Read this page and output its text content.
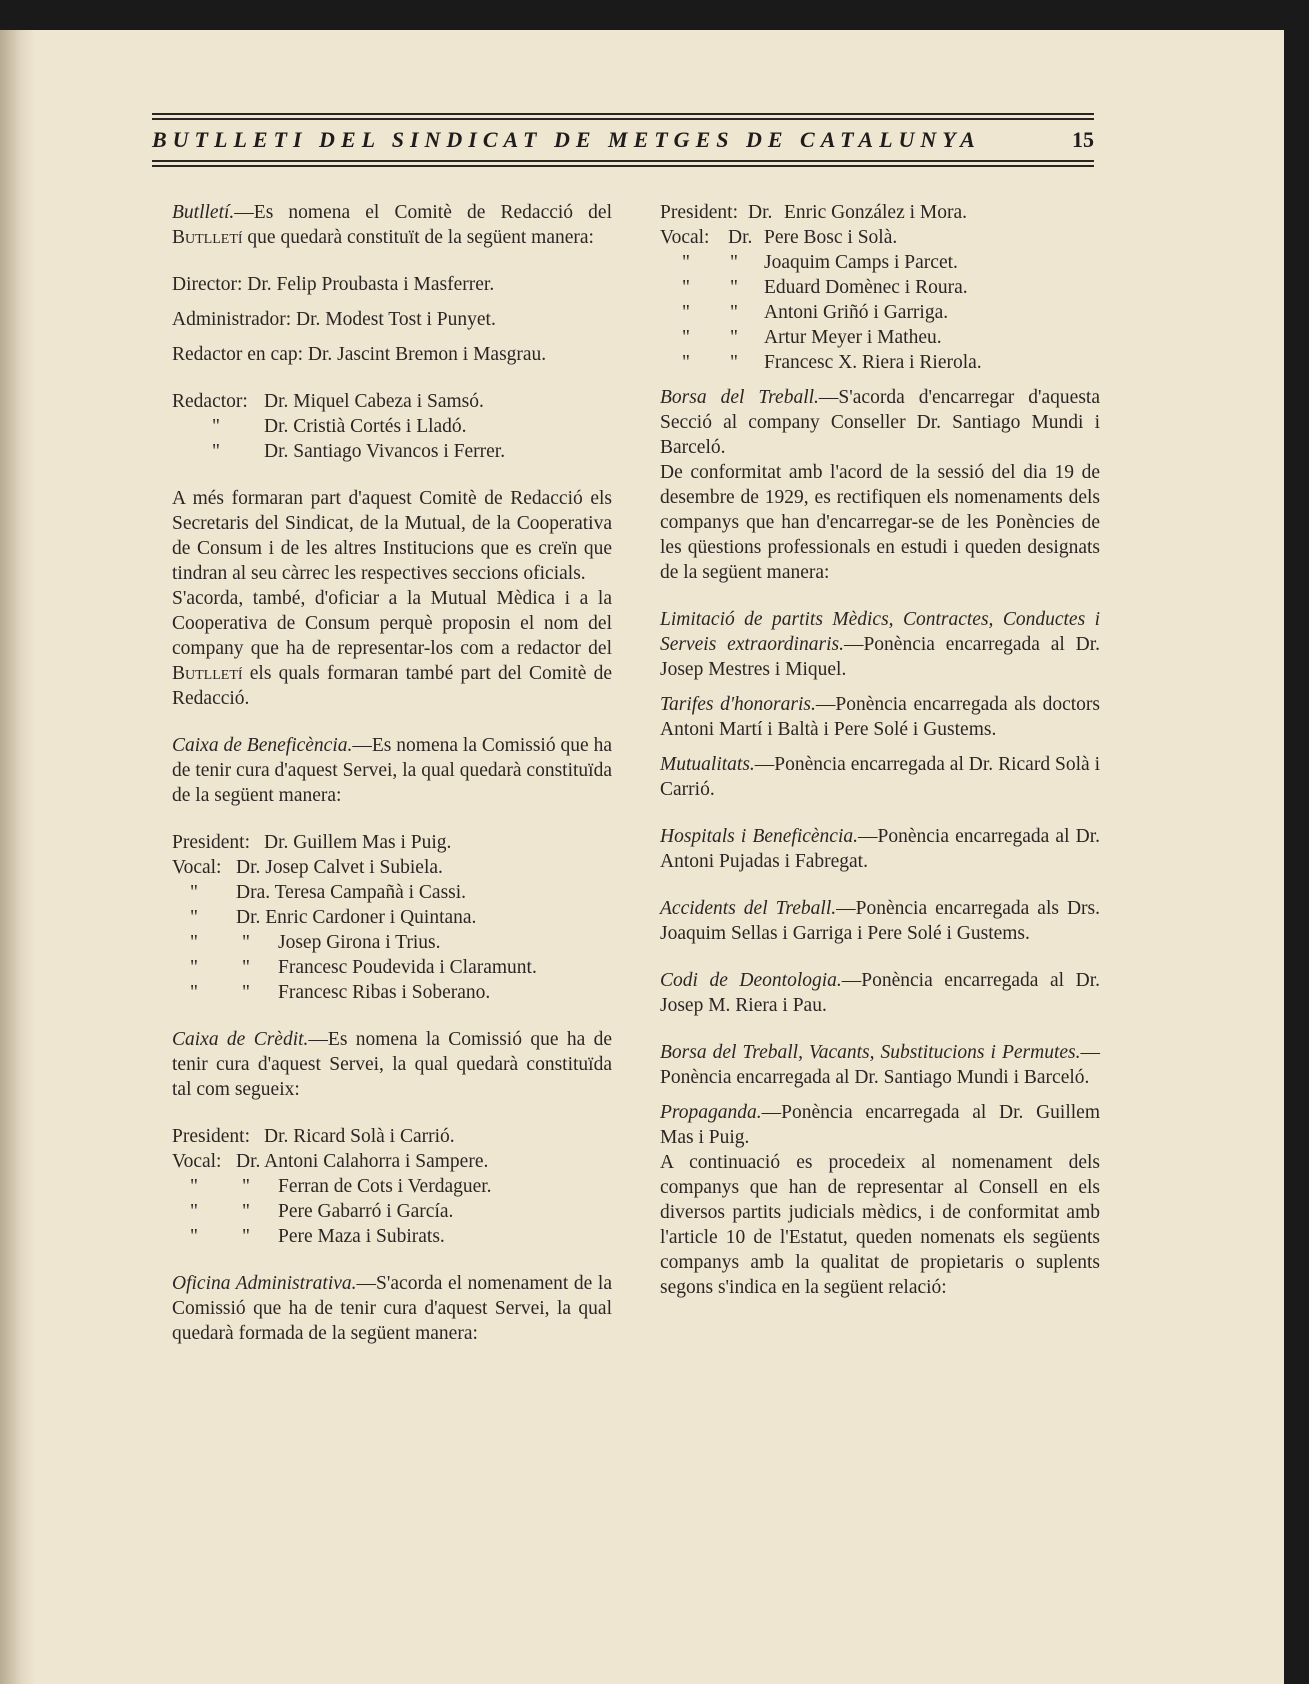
BUTLLETI DEL SINDICAT DE METGES DE CATALUNYA	15

Butlletí.—Es nomena el Comitè de Redacció del Butlletí que quedarà constituït de la següent manera:

Director: Dr. Felip Proubasta i Masferrer.

Administrador: Dr. Modest Tost i Punyet.

Redactor en cap: Dr. Jascint Bremon i Masgrau.

Redactor: Dr. Miquel Cabeza i Samsó.
"	Dr. Cristià Cortés i Lladó.
"	Dr. Santiago Vivancos i Ferrer.

A més formaran part d'aquest Comitè de Redacció els Secretaris del Sindicat, de la Mutual, de la Cooperativa de Consum i de les altres Institucions que es creïn que tindran al seu càrrec les respectives seccions oficials.

S'acorda, també, d'oficiar a la Mutual Mèdica i a la Cooperativa de Consum perquè proposin el nom del company que ha de representar-los com a redactor del Butlletí els quals formaran també part del Comitè de Redacció.

Caixa de Beneficència.—Es nomena la Comissió que ha de tenir cura d'aquest Servei, la qual quedarà constituïda de la següent manera:

President: Dr. Guillem Mas i Puig.
Vocal: Dr. Josep Calvet i Subiela.
"	Dra. Teresa Campañà i Cassi.
"	Dr. Enric Cardoner i Quintana.
"	"	Josep Girona i Trius.
"	"	Francesc Poudevida i Claramunt.
"	"	Francesc Ribas i Soberano.

Caixa de Crèdit.—Es nomena la Comissió que ha de tenir cura d'aquest Servei, la qual quedarà constituïda tal com segueix:

President: Dr. Ricard Solà i Carrió.
Vocal: Dr. Antoni Calahorra i Sampere.
"	"	Ferran de Cots i Verdaguer.
"	"	Pere Gabarró i García.
"	"	Pere Maza i Subirats.

Oficina Administrativa.—S'acorda el nomenament de la Comissió que ha de tenir cura d'aquest Servei, la qual quedarà formada de la següent manera:

President: Dr. Enric González i Mora.
Vocal: Dr. Pere Bosc i Solà.
"	"	Joaquim Camps i Parcet.
"	"	Eduard Domènec i Roura.
"	"	Antoni Griñó i Garriga.
"	"	Artur Meyer i Matheu.
"	"	Francesc X. Riera i Rierola.

Borsa del Treball.—S'acorda d'encarregar d'aquesta Secció al company Conseller Dr. Santiago Mundi i Barceló.

De conformitat amb l'acord de la sessió del dia 19 de desembre de 1929, es rectifiquen els nomenaments dels companys que han d'encarregar-se de les Ponències de les qüestions professionals en estudi i queden designats de la següent manera:

Limitació de partits Mèdics, Contractes, Conductes i Serveis extraordinaris.—Ponència encarregada al Dr. Josep Mestres i Miquel.

Tarifes d'honoraris.—Ponència encarregada als doctors Antoni Martí i Baltà i Pere Solé i Gustems.

Mutualitats.—Ponència encarregada al Dr. Ricard Solà i Carrió.

Hospitals i Beneficència.—Ponència encarregada al Dr. Antoni Pujadas i Fabregat.

Accidents del Treball.—Ponència encarregada als Drs. Joaquim Sellas i Garriga i Pere Solé i Gustems.

Codi de Deontologia.—Ponència encarregada al Dr. Josep M. Riera i Pau.

Borsa del Treball, Vacants, Substitucions i Permutes.—Ponència encarregada al Dr. Santiago Mundi i Barceló.

Propaganda.—Ponència encarregada al Dr. Guillem Mas i Puig.

A continuació es procedeix al nomenament dels companys que han de representar al Consell en els diversos partits judicials mèdics, i de conformitat amb l'article 10 de l'Estatut, queden nomenats els següents companys amb la qualitat de propietaris o suplents segons s'indica en la següent relació:
